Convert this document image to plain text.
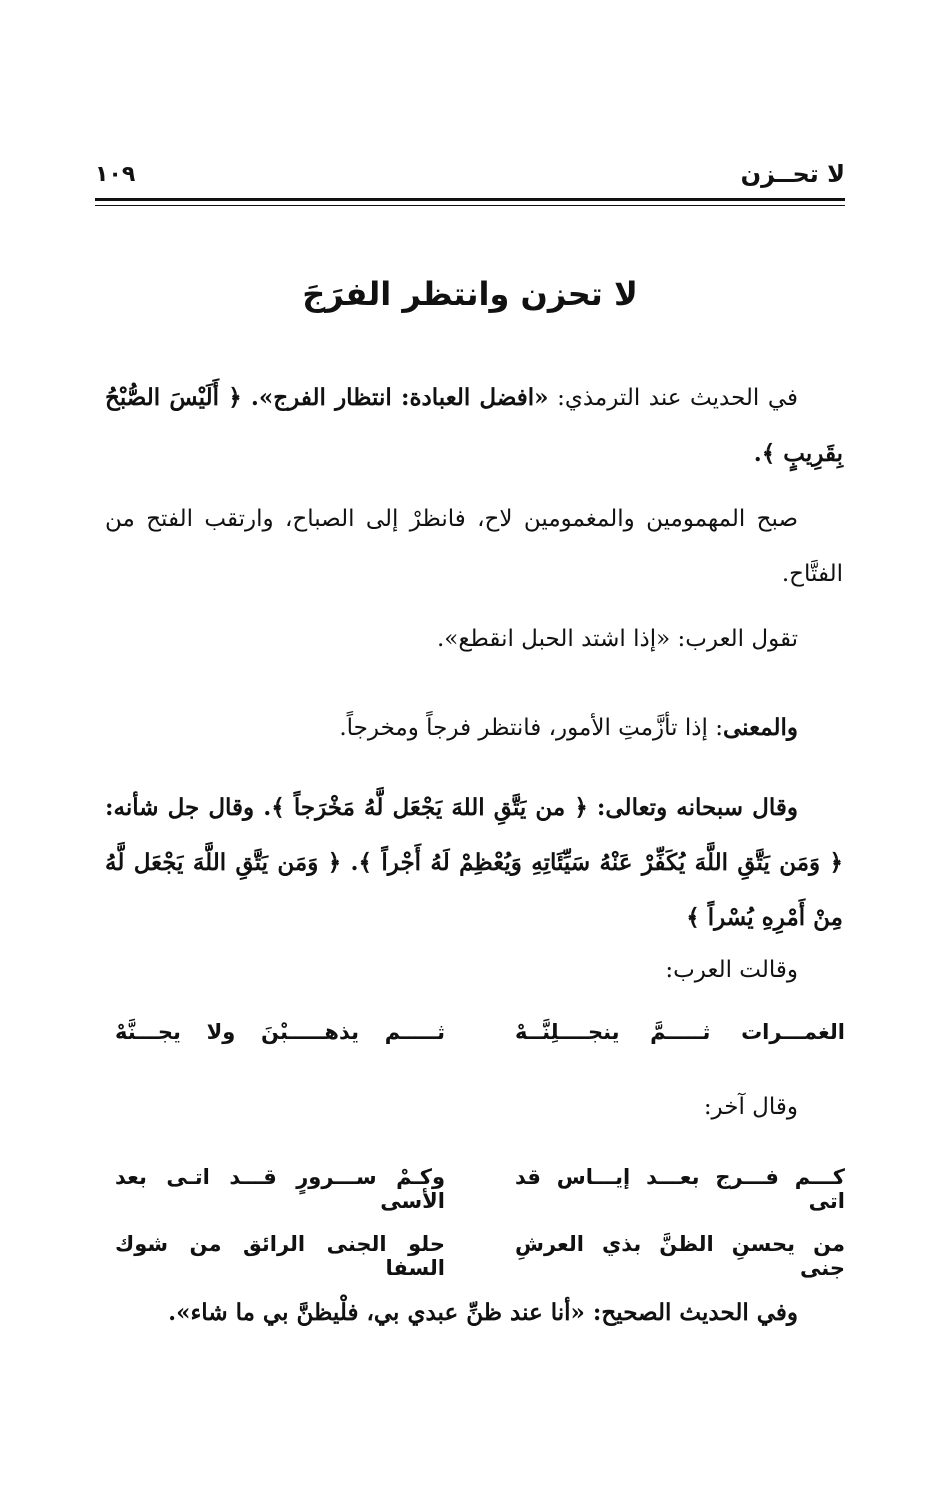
لا تحــزن
١٠٩
لا تحزن وانتظر الفرَجَ
في الحديث عند الترمذي: «افضل العبادة: انتظار الفرج». ﴿ أَلَيْسَ الصُّبْحُ بِقَرِيبٍ ﴾.
صبح المهمومين والمغمومين لاح، فانظرْ إلى الصباح، وارتقب الفتح من الفتَّاح.
تقول العرب: «إذا اشتد الحبل انقطع».
والمعنى: إذا تأزَّمتِ الأمور، فانتظر فرجاً ومخرجاً.
وقال سبحانه وتعالى: ﴿ من يَتَّقِ اللهَ يَجْعَل لَّهُ مَخْرَجاً ﴾. وقال جل شأنه: ﴿ وَمَن يَتَّقِ اللَّهَ يُكَفِّرْ عَنْهُ سَيِّئَاتِهِ وَيُعْظِمْ لَهُ أَجْراً ﴾. ﴿ وَمَن يَتَّقِ اللَّهَ يَجْعَل لَّهُ مِنْ أَمْرِهِ يُسْراً ﴾
وقالت العرب:
الغمـــرات ثـــــمَّ ينجــــلِنَّــهْ
ثـــــم يذهـــــبْنَ ولا يجـــنَّهْ
وقال آخر:
كـــم فـــرج بعـــد إيـــاس قد اتى
وكـمْ ســـرورٍ قـــد اتـى بعد الأسى
من يحسنِ الظنَّ بذي العرشِ جنى
حلو الجنى الرائق من شوك السفا
وفي الحديث الصحيح: «أنا عند ظنِّ عبدي بي، فلْيظنَّ بي ما شاء».
